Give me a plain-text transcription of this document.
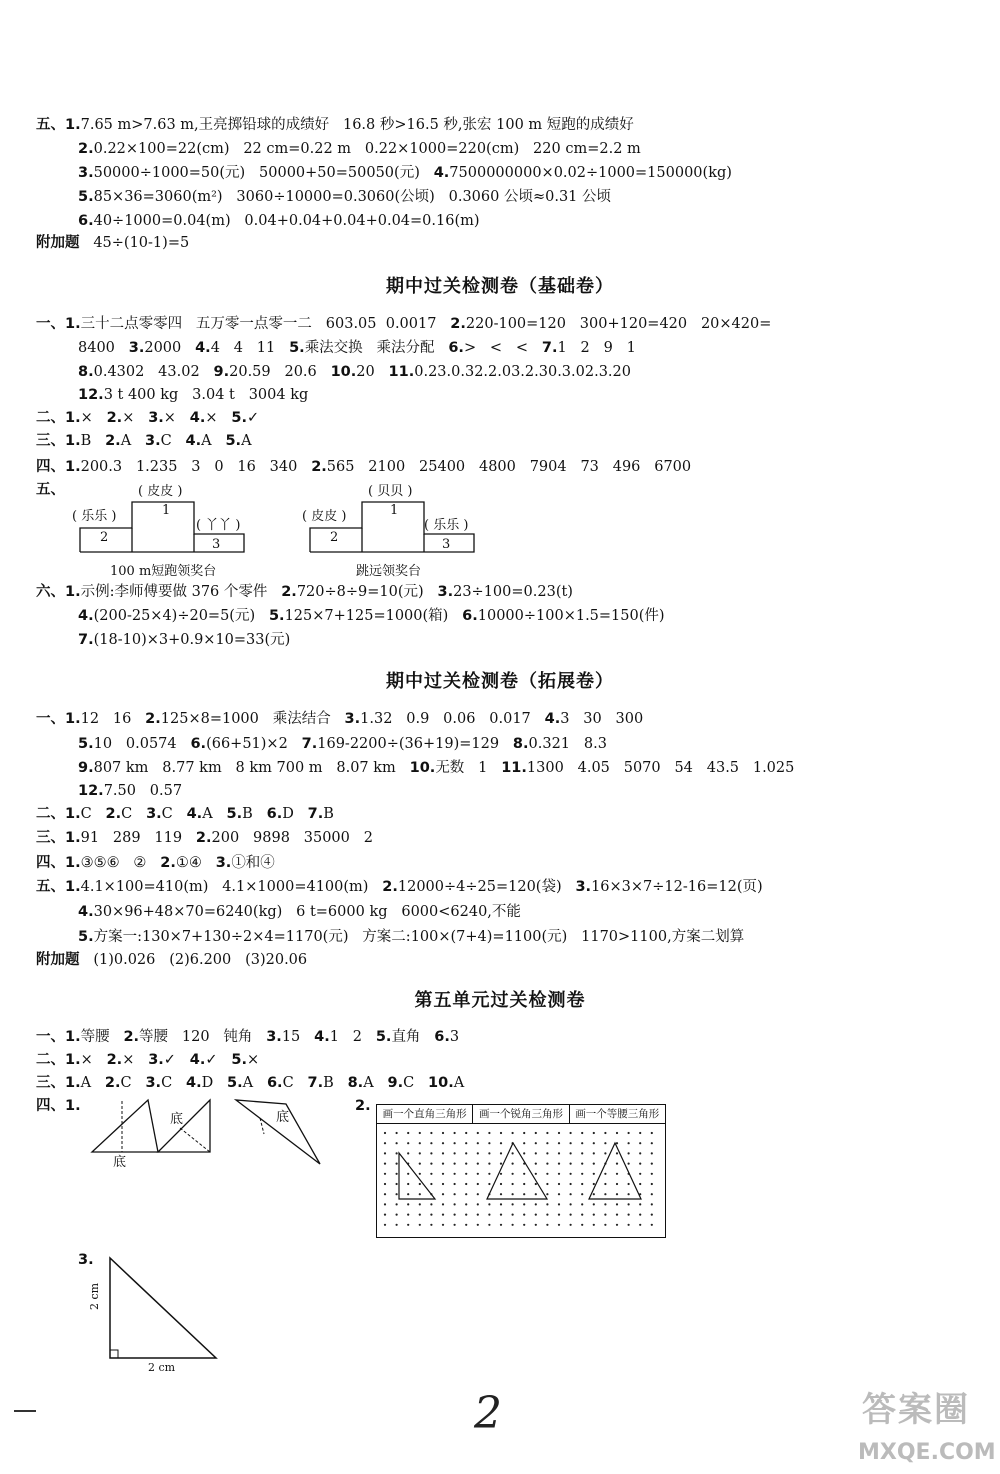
五、1.7.65 m>7.63 m,王亮掷铅球的成绩好   16.8 秒>16.5 秒,张宏 100 m 短跑的成绩好
2.0.22×100=22(cm)   22 cm=0.22 m   0.22×1000=220(cm)   220 cm=2.2 m
3.50000÷1000=50(元)   50000+50=50050(元) 4.7500000000×0.02÷1000=150000(kg)
5.85×36=3060(m²)   3060÷10000=0.3060(公顷)   0.3060 公顷≈0.31 公顷
6.40÷1000=0.04(m)   0.04+0.04+0.04+0.04=0.16(m)
附加题 45÷(10-1)=5
期中过关检测卷（基础卷）
一、1.三十二点零零四   五万零一点零一二   603.05  0.0017   2.220-100=120   300+120=420   20×420=
8400   3.2000   4.4   4   11   5.乘法交换   乘法分配   6.>   <   <   7.1   2   9   1
8.0.4302   43.02   9.20.59   20.6   10.20   11.0.23.0.32.2.03.2.30.3.02.3.20
12.3 t 400 kg   3.04 t   3004 kg
二、1.×   2.×   3.×   4.×   5.✓
三、1.B   2.A   3.C   4.A   5.A
四、1.200.3   1.235   3   0   16   340   2.565   2100   25400   4800   7904   73   496   6700
五、	( 皮皮 )
( 乐乐 )
( 丫丫 )
1
2	3
100 m短跑领奖台
( 贝贝 )
( 皮皮 )
( 乐乐 )
1
2	3
跳远领奖台
六、1.示例:李师傅要做 376 个零件   2.720÷8÷9=10(元)   3.23÷100=0.23(t)
4.(200-25×4)÷20=5(元)   5.125×7+125=1000(箱)   6.10000÷100×1.5=150(件)
7.(18-10)×3+0.9×10=33(元)
期中过关检测卷（拓展卷）
一、1.12   16   2.125×8=1000   乘法结合   3.1.32   0.9   0.06   0.017   4.3   30   300
5.10   0.0574   6.(66+51)×2   7.169-2200÷(36+19)=129   8.0.321   8.3
9.807 km   8.77 km   8 km 700 m   8.07 km   10.无数   1   11.1300   4.05   5070   54   43.5   1.025
12.7.50   0.57
二、1.C   2.C   3.C   4.A   5.B   6.D   7.B
三、1.91   289   119   2.200   9898   35000   2
四、1.③⑤⑥   ②   2.①④   3.①和④
五、1.4.1×100=410(m)   4.1×1000=4100(m)   2.12000÷4÷25=120(袋)   3.16×3×7÷12-16=12(页)
4.30×96+48×70=6240(kg)   6 t=6000 kg   6000<6240,不能
5.方案一:130×7+130÷2×4=1170(元)   方案二:100×(7+4)=1100(元)   1170>1100,方案二划算
附加题 (1)0.026   (2)6.200   (3)20.06
第五单元过关检测卷
一、1.等腰   2.等腰   120   钝角   3.15   4.1   2   5.直角   6.3
二、1.×   2.×   3.✓   4.✓   5.×
三、1.A   2.C   3.C   4.D   5.A   6.C   7.B   8.A   9.C   10.A
四、1.
底
底	底
2.	画一个直角三角形	画一个锐角三角形	画一个等腰三角形
3.
2 cm
2 cm
2	答案圈
MXQE.COM
